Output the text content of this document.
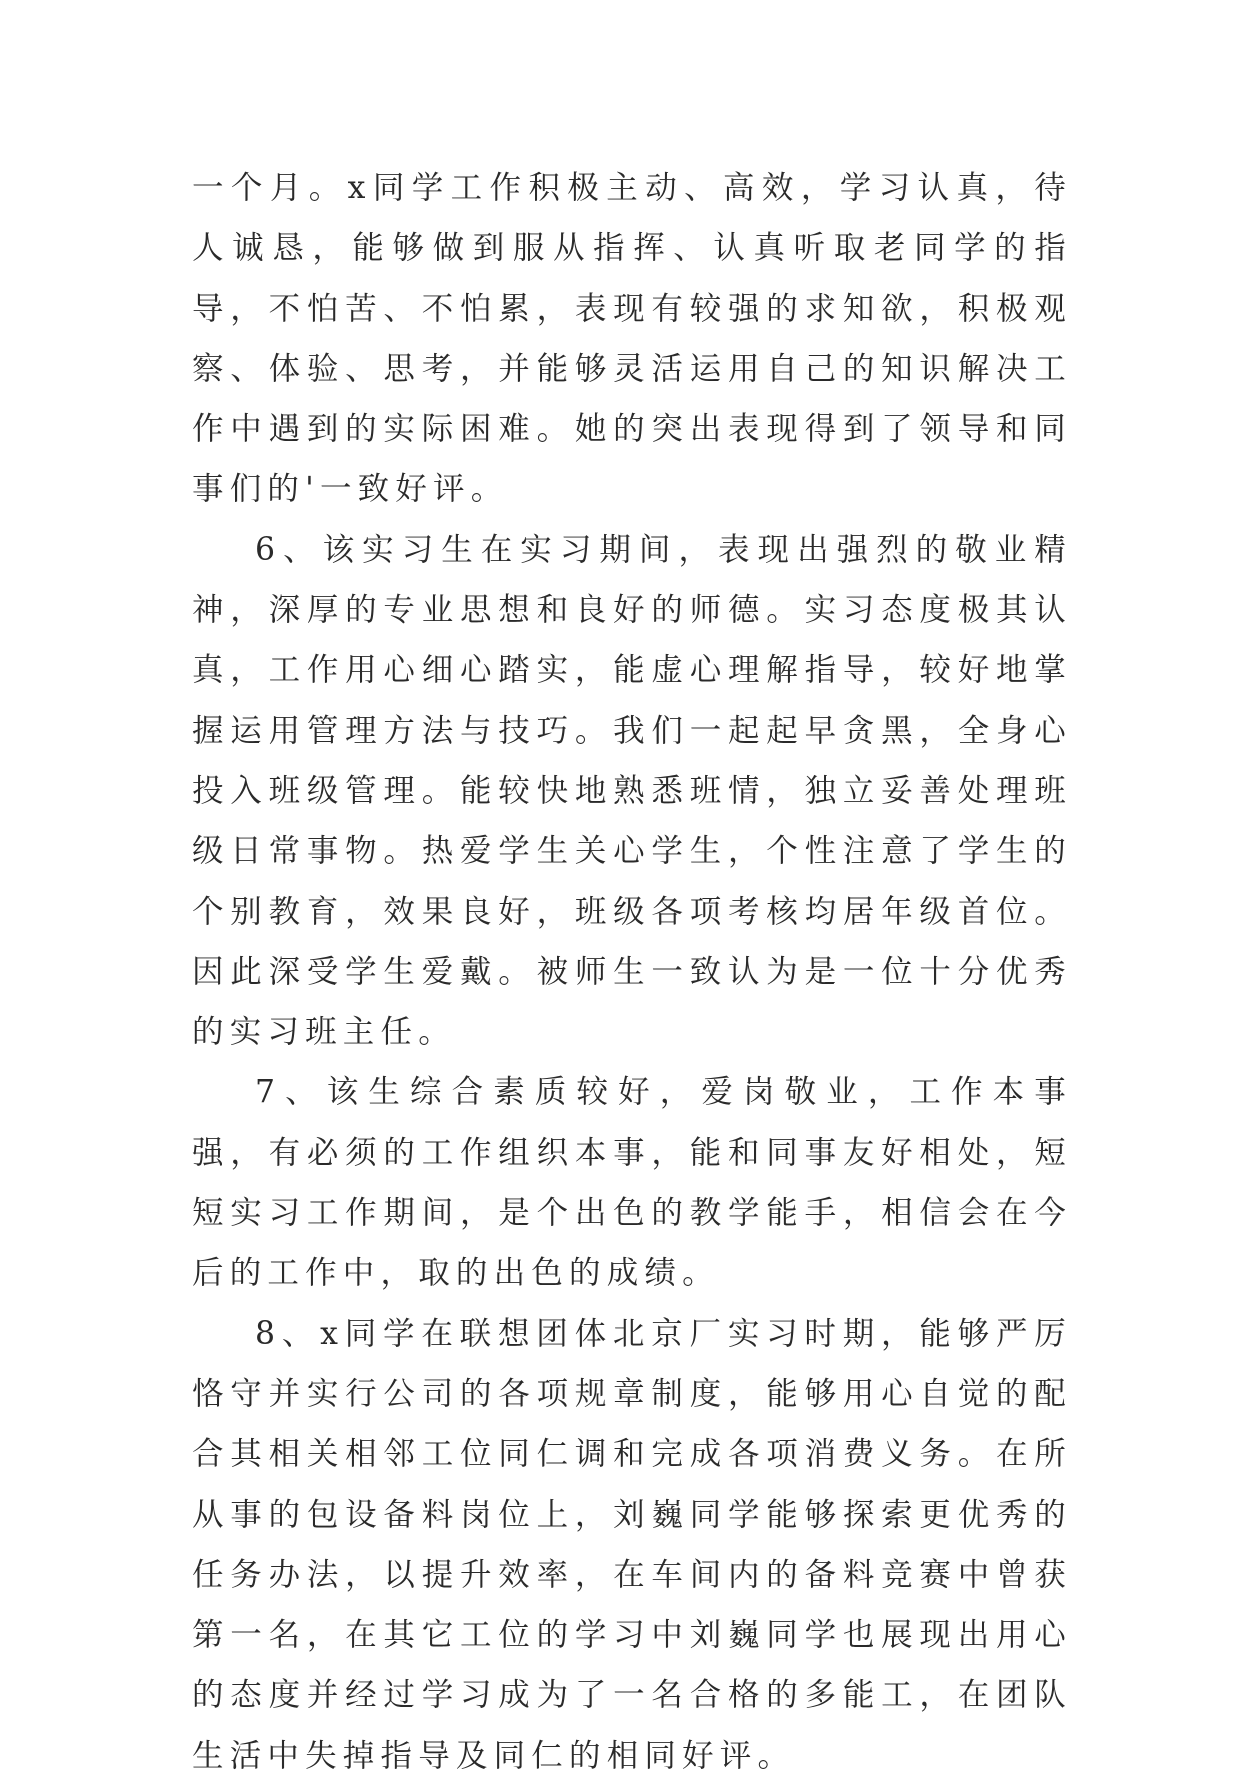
一个月。x同学工作积极主动、高效，学习认真，待人诚恳，能够做到服从指挥、认真听取老同学的指导，不怕苦、不怕累，表现有较强的求知欲，积极观察、体验、思考，并能够灵活运用自己的知识解决工作中遇到的实际困难。她的突出表现得到了领导和同事们的'一致好评。

6、该实习生在实习期间，表现出强烈的敬业精神，深厚的专业思想和良好的师德。实习态度极其认真，工作用心细心踏实，能虚心理解指导，较好地掌握运用管理方法与技巧。我们一起起早贪黑，全身心投入班级管理。能较快地熟悉班情，独立妥善处理班级日常事物。热爱学生关心学生，个性注意了学生的个别教育，效果良好，班级各项考核均居年级首位。因此深受学生爱戴。被师生一致认为是一位十分优秀的实习班主任。

7、该生综合素质较好，爱岗敬业，工作本事强，有必须的工作组织本事，能和同事友好相处，短短实习工作期间，是个出色的教学能手，相信会在今后的工作中，取的出色的成绩。

8、x同学在联想团体北京厂实习时期，能够严厉恪守并实行公司的各项规章制度，能够用心自觉的配合其相关相邻工位同仁调和完成各项消费义务。在所从事的包设备料岗位上，刘巍同学能够探索更优秀的任务办法，以提升效率，在车间内的备料竞赛中曾获第一名，在其它工位的学习中刘巍同学也展现出用心的态度并经过学习成为了一名合格的多能工，在团队生活中失掉指导及同仁的相同好评。
